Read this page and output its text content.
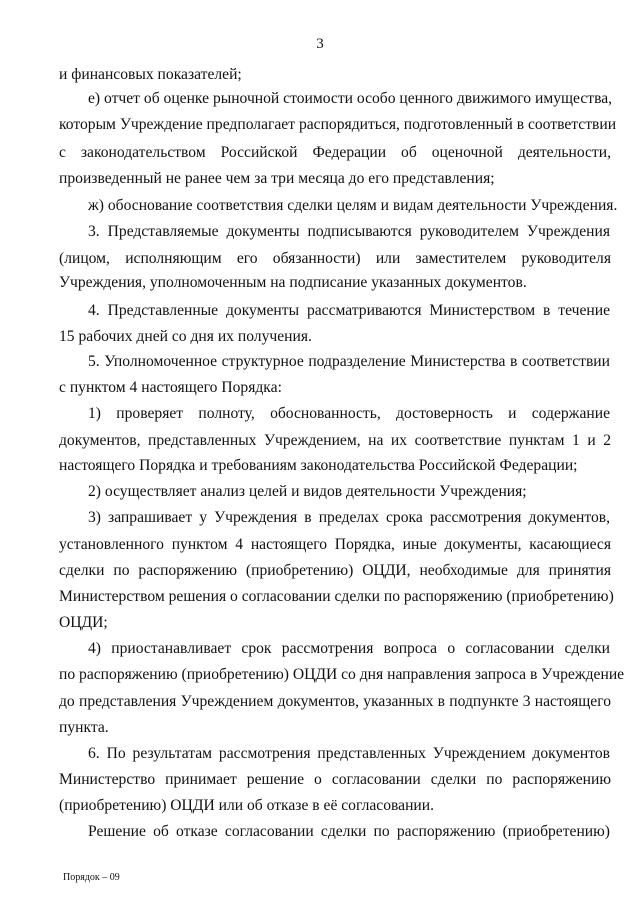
3
и финансовых показателей;
е) отчет об оценке рыночной стоимости особо ценного движимого имущества,
которым Учреждение предполагает распорядиться, подготовленный в соответствии
с законодательством Российской Федерации об оценочной деятельности,
произведенный не ранее чем за три месяца до его представления;
ж) обоснование соответствия сделки целям и видам деятельности Учреждения.
3. Представляемые документы подписываются руководителем Учреждения
(лицом, исполняющим его обязанности) или заместителем руководителя
Учреждения, уполномоченным на подписание указанных документов.
4. Представленные документы рассматриваются Министерством в течение
15 рабочих дней со дня их получения.
5. Уполномоченное структурное подразделение Министерства в соответствии
с пунктом 4 настоящего Порядка:
1) проверяет полноту, обоснованность, достоверность и содержание
документов, представленных Учреждением, на их соответствие пунктам 1 и 2
настоящего Порядка и требованиям законодательства Российской Федерации;
2) осуществляет анализ целей и видов деятельности Учреждения;
3) запрашивает у Учреждения в пределах срока рассмотрения документов,
установленного пунктом 4 настоящего Порядка, иные документы, касающиеся
сделки по распоряжению (приобретению) ОЦДИ, необходимые для принятия
Министерством решения о согласовании сделки по распоряжению (приобретению)
ОЦДИ;
4) приостанавливает срок рассмотрения вопроса о согласовании сделки
по распоряжению (приобретению) ОЦДИ со дня направления запроса в Учреждение
до представления Учреждением документов, указанных в подпункте 3 настоящего
пункта.
6. По результатам рассмотрения представленных Учреждением документов
Министерство принимает решение о согласовании сделки по распоряжению
(приобретению) ОЦДИ или об отказе в её согласовании.
Решение об отказе согласовании сделки по распоряжению (приобретению)
Порядок – 09
